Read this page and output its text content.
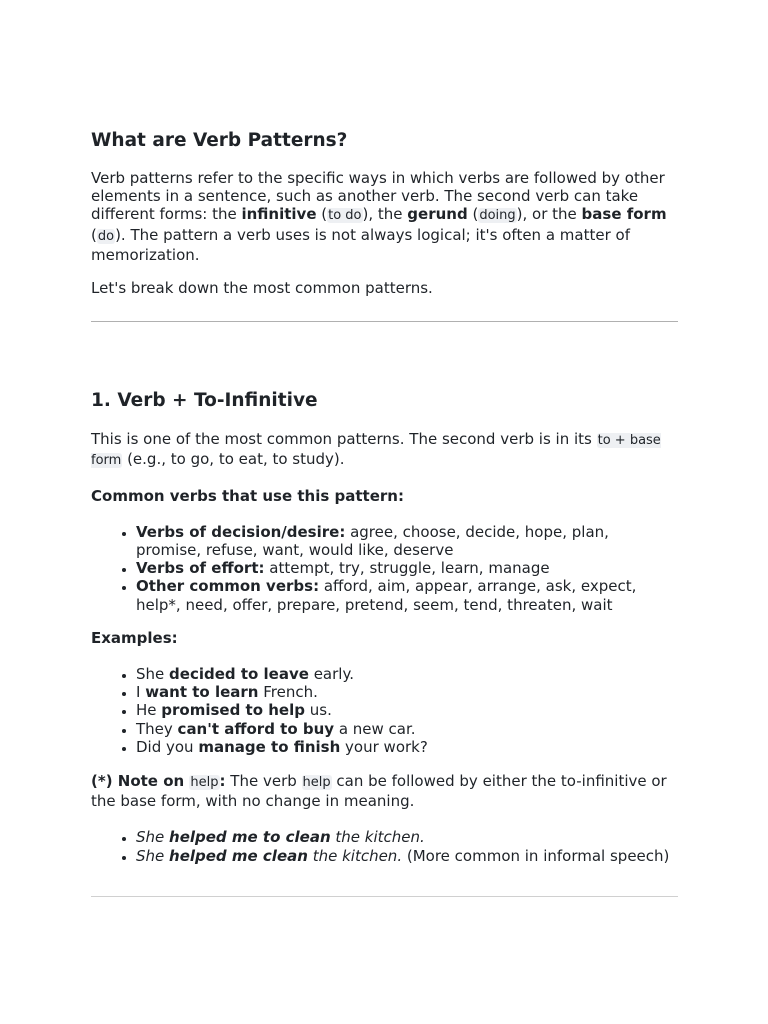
What are Verb Patterns?

Verb patterns refer to the specific ways in which verbs are followed by other elements in a sentence, such as another verb. The second verb can take different forms: the infinitive (to do), the gerund (doing), or the base form (do). The pattern a verb uses is not always logical; it's often a matter of memorization.

Let's break down the most common patterns.

1. Verb + To-Infinitive

This is one of the most common patterns. The second verb is in its to + base form (e.g., to go, to eat, to study).

Common verbs that use this pattern:

• Verbs of decision/desire: agree, choose, decide, hope, plan, promise, refuse, want, would like, deserve
• Verbs of effort: attempt, try, struggle, learn, manage
• Other common verbs: afford, aim, appear, arrange, ask, expect, help*, need, offer, prepare, pretend, seem, tend, threaten, wait

Examples:

• She decided to leave early.
• I want to learn French.
• He promised to help us.
• They can't afford to buy a new car.
• Did you manage to finish your work?

(*) Note on help: The verb help can be followed by either the to-infinitive or the base form, with no change in meaning.

• She helped me to clean the kitchen.
• She helped me clean the kitchen. (More common in informal speech)
